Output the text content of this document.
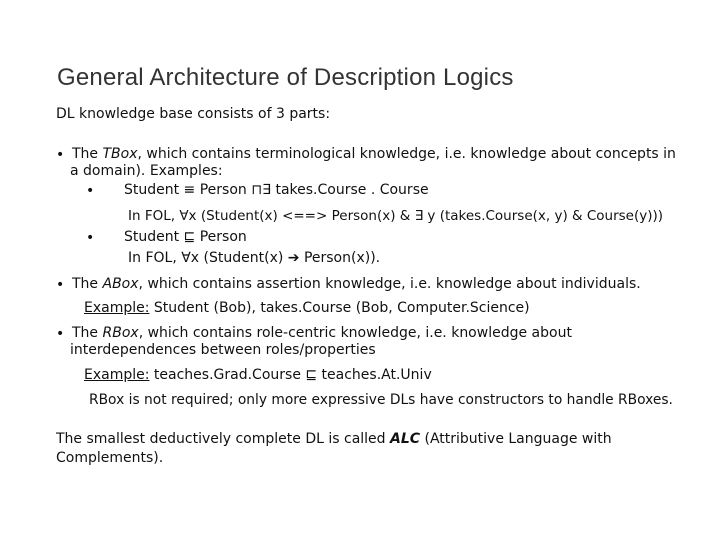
General Architecture of Description Logics
DL knowledge base consists of 3 parts:
• The TBox, which contains terminological knowledge, i.e. knowledge about concepts in
a domain). Examples:
• Student ≡ Person ⊓∃ takes.Course . Course
In FOL, ∀x (Student(x) <==> Person(x) & ∃ y (takes.Course(x, y) & Course(y)))
• Student ⊑ Person
In FOL, ∀x (Student(x) ➔ Person(x)).
• The ABox, which contains assertion knowledge, i.e. knowledge about individuals.
Example: Student (Bob), takes.Course (Bob, Computer.Science)
• The RBox, which contains role-centric knowledge, i.e. knowledge about
interdependences between roles/properties
Example: teaches.Grad.Course ⊑ teaches.At.Univ
RBox is not required; only more expressive DLs have constructors to handle RBoxes.
The smallest deductively complete DL is called ALC (Attributive Language with
Complements).
